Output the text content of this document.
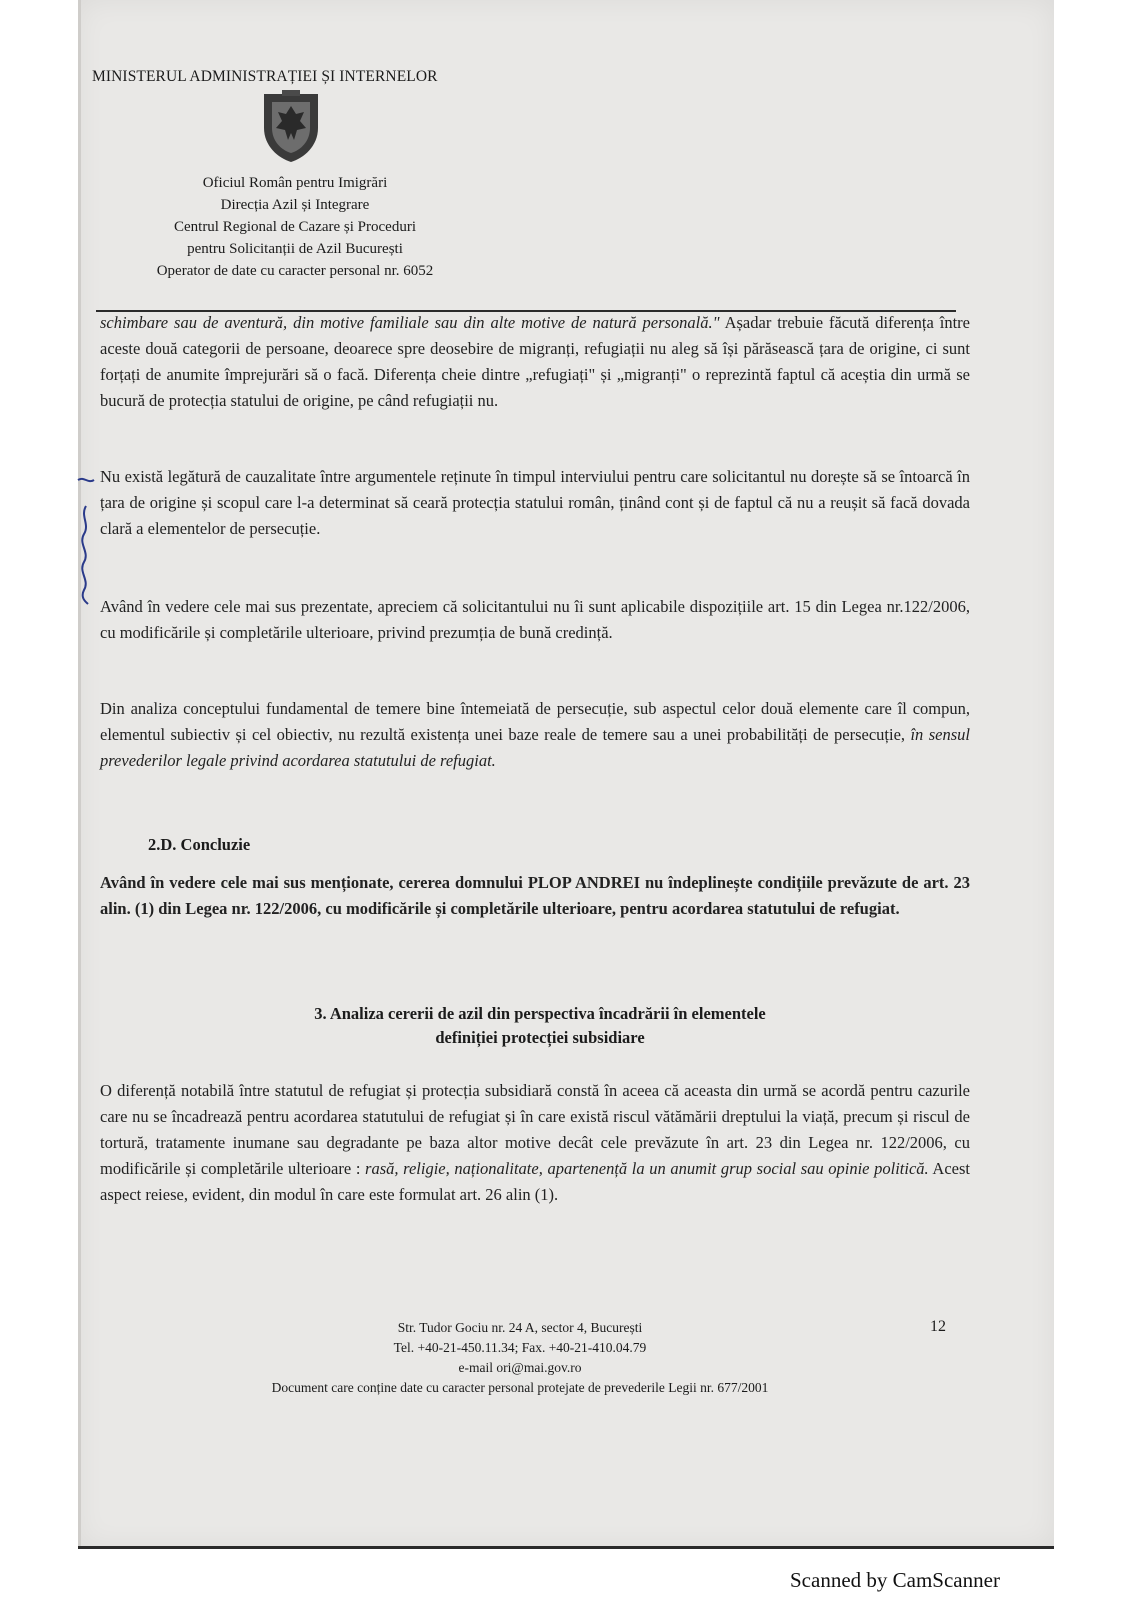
MINISTERUL ADMINISTRAȚIEI ȘI INTERNELOR
Oficiul Român pentru Imigrări
Direcția Azil și Integrare
Centrul Regional de Cazare și Proceduri
pentru Solicitanții de Azil București
Operator de date cu caracter personal nr. 6052
schimbare sau de aventură, din motive familiale sau din alte motive de natură personală." Așadar trebuie făcută diferența între aceste două categorii de persoane, deoarece spre deosebire de migranți, refugiații nu aleg să își părăsească țara de origine, ci sunt forțați de anumite împrejurări să o facă. Diferența cheie dintre „refugiați" și „migranți" o reprezintă faptul că aceștia din urmă se bucură de protecția statului de origine, pe când refugiații nu.
Nu există legătură de cauzalitate între argumentele reținute în timpul interviului pentru care solicitantul nu dorește să se întoarcă în țara de origine și scopul care l-a determinat să ceară protecția statului român, ținând cont și de faptul că nu a reușit să facă dovada clară a elementelor de persecuție.
Având în vedere cele mai sus prezentate, apreciem că solicitantului nu îi sunt aplicabile dispozițiile art. 15 din Legea nr.122/2006, cu modificările și completările ulterioare, privind prezumția de bună credință.
Din analiza conceptului fundamental de temere bine întemeiată de persecuție, sub aspectul celor două elemente care îl compun, elementul subiectiv și cel obiectiv, nu rezultă existența unei baze reale de temere sau a unei probabilități de persecuție, în sensul prevederilor legale privind acordarea statutului de refugiat.
2.D. Concluzie
Având în vedere cele mai sus menționate, cererea domnului PLOP ANDREI nu îndeplinește condițiile prevăzute de art. 23 alin. (1) din Legea nr. 122/2006, cu modificările și completările ulterioare, pentru acordarea statutului de refugiat.
3. Analiza cererii de azil din perspectiva încadrării în elementele
definiției protecției subsidiare
O diferență notabilă între statutul de refugiat și protecția subsidiară constă în aceea că aceasta din urmă se acordă pentru cazurile care nu se încadrează pentru acordarea statutului de refugiat și în care există riscul vătămării dreptului la viață, precum și riscul de tortură, tratamente inumane sau degradante pe baza altor motive decât cele prevăzute în art. 23 din Legea nr. 122/2006, cu modificările și completările ulterioare : rasă, religie, naționalitate, apartenență la un anumit grup social sau opinie politică. Acest aspect reiese, evident, din modul în care este formulat art. 26 alin (1).
Str. Tudor Gociu nr. 24 A, sector 4, București
Tel. +40-21-450.11.34; Fax. +40-21-410.04.79
e-mail ori@mai.gov.ro
Document care conține date cu caracter personal protejate de prevederile Legii nr. 677/2001
12
Scanned by CamScanner
